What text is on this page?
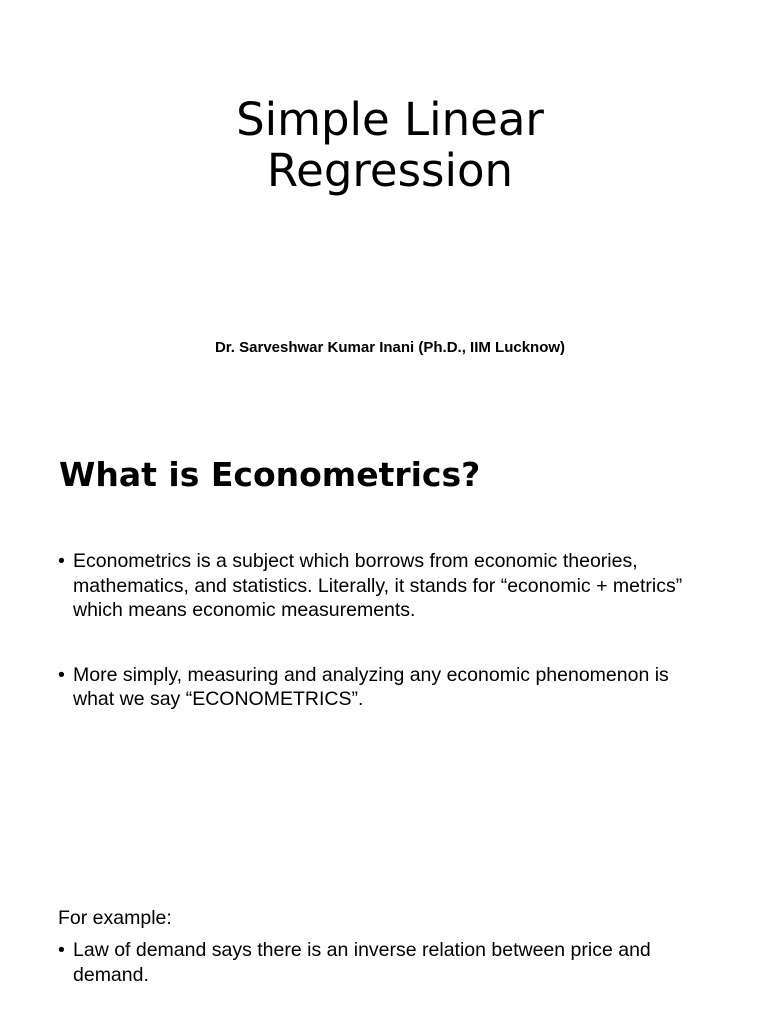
Simple Linear
Regression
Dr. Sarveshwar Kumar Inani (Ph.D., IIM Lucknow)
What is Econometrics?
• Econometrics is a subject which borrows from economic theories, mathematics, and statistics. Literally, it stands for “economic + metrics” which means economic measurements.
• More simply, measuring and analyzing any economic phenomenon is what we say “ECONOMETRICS”.
For example:
• Law of demand says there is an inverse relation between price and demand.
